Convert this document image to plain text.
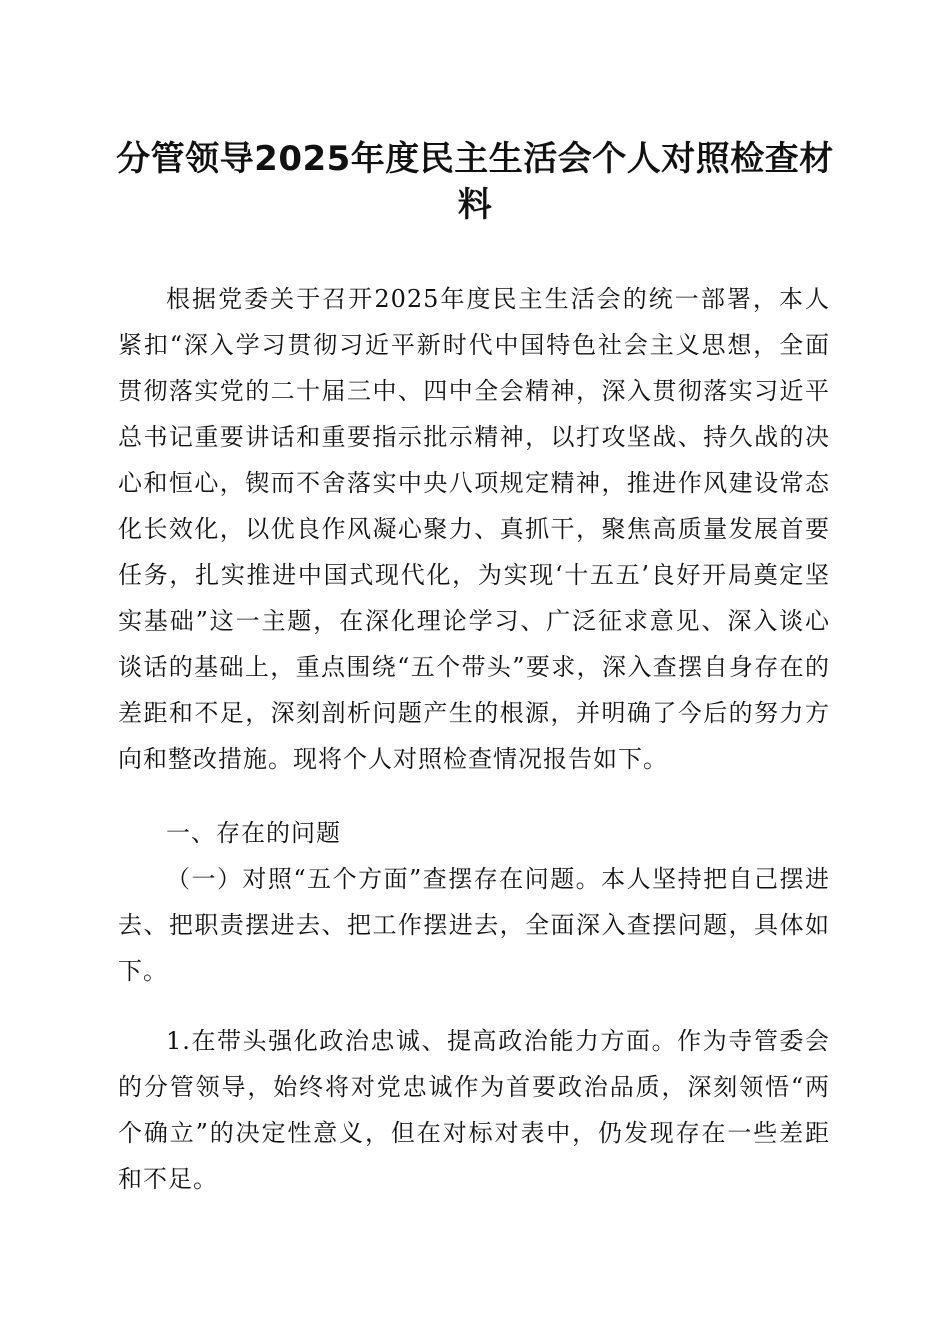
分管领导2025年度民主生活会个人对照检查材料

根据党委关于召开2025年度民主生活会的统一部署，本人紧扣“深入学习贯彻习近平新时代中国特色社会主义思想，全面贯彻落实党的二十届三中、四中全会精神，深入贯彻落实习近平总书记重要讲话和重要指示批示精神，以打攻坚战、持久战的决心和恒心，锲而不舍落实中央八项规定精神，推进作风建设常态化长效化，以优良作风凝心聚力、真抓干，聚焦高质量发展首要任务，扎实推进中国式现代化，为实现‘十五五’良好开局奠定坚实基础”这一主题，在深化理论学习、广泛征求意见、深入谈心谈话的基础上，重点围绕“五个带头”要求，深入查摆自身存在的差距和不足，深刻剖析问题产生的根源，并明确了今后的努力方向和整改措施。现将个人对照检查情况报告如下。

一、存在的问题

（一）对照“五个方面”查摆存在问题。本人坚持把自己摆进去、把职责摆进去、把工作摆进去，全面深入查摆问题，具体如下。

1.在带头强化政治忠诚、提高政治能力方面。作为寺管委会的分管领导，始终将对党忠诚作为首要政治品质，深刻领悟“两个确立”的决定性意义，但在对标对表中，仍发现存在一些差距和不足。
